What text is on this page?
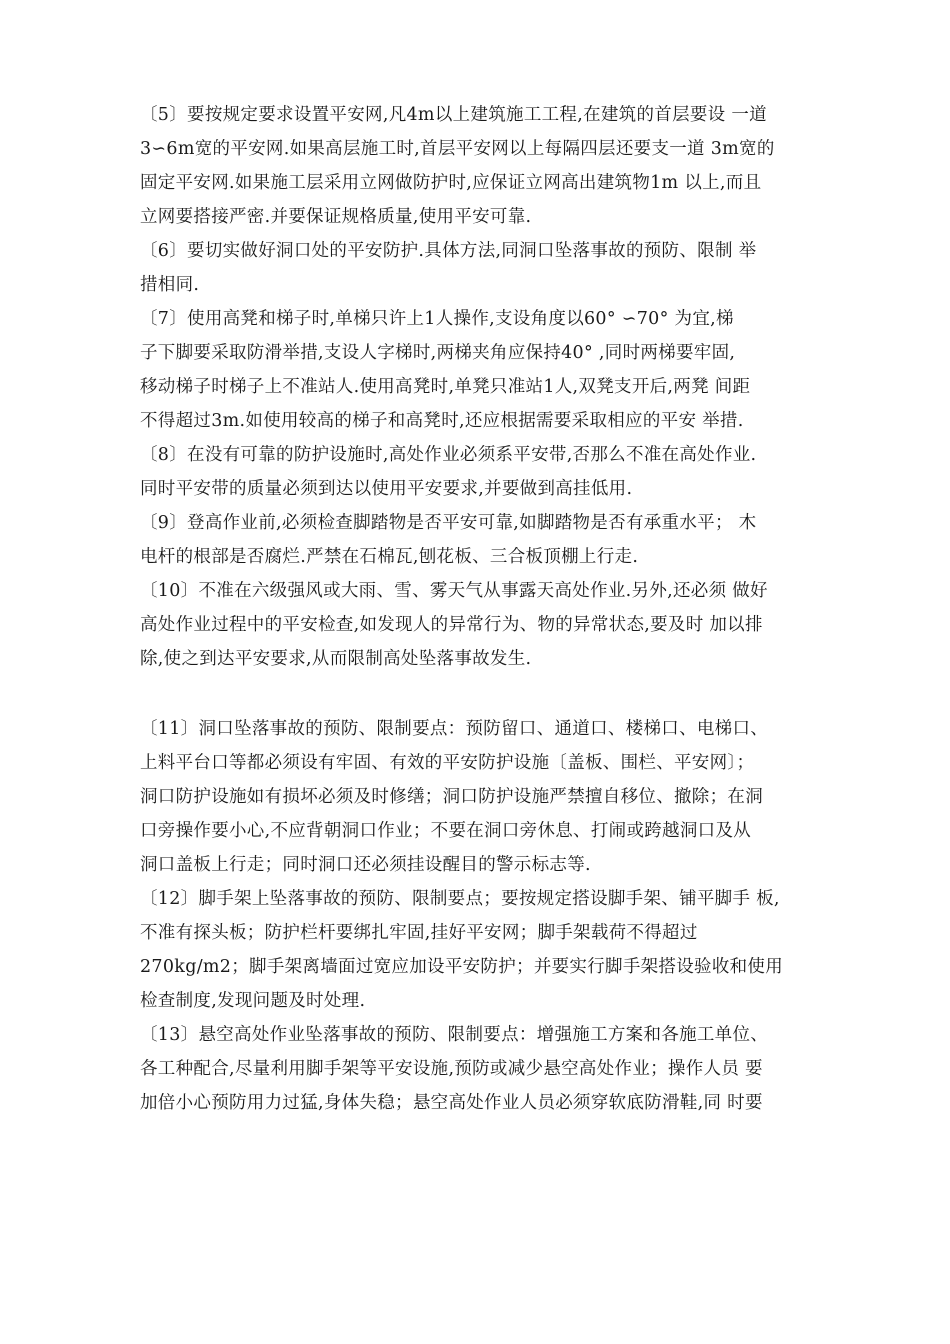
〔5〕要按规定要求设置平安网,凡4m以上建筑施工工程,在建筑的首层要设 一道
3∽6m宽的平安网.如果高层施工时,首层平安网以上每隔四层还要支一道 3m宽的
固定平安网.如果施工层采用立网做防护时,应保证立网高出建筑物1m 以上,而且
立网要搭接严密.并要保证规格质量,使用平安可靠.
〔6〕要切实做好洞口处的平安防护.具体方法,同洞口坠落事故的预防、限制 举
措相同.
〔7〕使用高凳和梯子时,单梯只许上1人操作,支设角度以60° ∽70° 为宜,梯
子下脚要采取防滑举措,支设人字梯时,两梯夹角应保持40° ,同时两梯要牢固,
移动梯子时梯子上不准站人.使用高凳时,单凳只准站1人,双凳支开后,两凳 间距
不得超过3m.如使用较高的梯子和高凳时,还应根据需要采取相应的平安 举措.
〔8〕在没有可靠的防护设施时,高处作业必须系平安带,否那么不准在高处作业.
同时平安带的质量必须到达以使用平安要求,并要做到高挂低用.
〔9〕登高作业前,必须检查脚踏物是否平安可靠,如脚踏物是否有承重水平； 木
电杆的根部是否腐烂.严禁在石棉瓦,刨花板、三合板顶棚上行走.
〔10〕不准在六级强风或大雨、雪、雾天气从事露天高处作业.另外,还必须 做好
高处作业过程中的平安检查,如发现人的异常行为、物的异常状态,要及时 加以排
除,使之到达平安要求,从而限制高处坠落事故发生.
〔11〕洞口坠落事故的预防、限制要点：预防留口、通道口、楼梯口、电梯口、
上料平台口等都必须设有牢固、有效的平安防护设施〔盖板、围栏、平安网〕；
洞口防护设施如有损坏必须及时修缮；洞口防护设施严禁擅自移位、撤除；在洞
口旁操作要小心,不应背朝洞口作业；不要在洞口旁休息、打闹或跨越洞口及从
洞口盖板上行走；同时洞口还必须挂设醒目的警示标志等.
〔12〕脚手架上坠落事故的预防、限制要点；要按规定搭设脚手架、铺平脚手 板,
不准有探头板；防护栏杆要绑扎牢固,挂好平安网；脚手架载荷不得超过
270kg/m2；脚手架离墙面过宽应加设平安防护；并要实行脚手架搭设验收和使用
检查制度,发现问题及时处理.
〔13〕悬空高处作业坠落事故的预防、限制要点：增强施工方案和各施工单位、
各工种配合,尽量利用脚手架等平安设施,预防或减少悬空高处作业；操作人员 要
加倍小心预防用力过猛,身体失稳；悬空高处作业人员必须穿软底防滑鞋,同 时要
